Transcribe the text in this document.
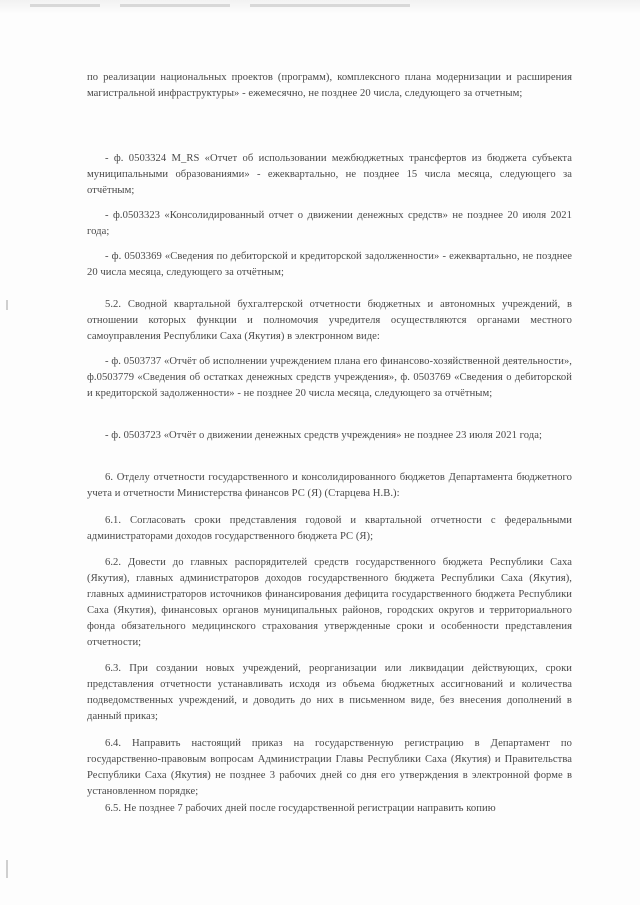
по реализации национальных проектов (программ), комплексного плана модернизации и расширения магистральной инфраструктуры» - ежемесячно, не позднее 20 числа, следующего за отчетным;

- ф. 0503324 M_RS «Отчет об использовании межбюджетных трансфертов из бюджета субъекта муниципальными образованиями» - ежеквартально, не позднее 15 числа месяца, следующего за отчётным;

- ф.0503323 «Консолидированный отчет о движении денежных средств» не позднее 20 июля 2021 года;

- ф. 0503369 «Сведения по дебиторской и кредиторской задолженности» - ежеквартально, не позднее 20 числа месяца, следующего за отчётным;

5.2. Сводной квартальной бухгалтерской отчетности бюджетных и автономных учреждений, в отношении которых функции и полномочия учредителя осуществляются органами местного самоуправления Республики Саха (Якутия) в электронном виде:

- ф. 0503737 «Отчёт об исполнении учреждением плана его финансово-хозяйственной деятельности», ф.0503779 «Сведения об остатках денежных средств учреждения», ф. 0503769 «Сведения о дебиторской и кредиторской задолженности» - не позднее 20 числа месяца, следующего за отчётным;

- ф. 0503723 «Отчёт о движении денежных средств учреждения» не позднее 23 июля 2021 года;

6. Отделу отчетности государственного и консолидированного бюджетов Департамента бюджетного учета и отчетности Министерства финансов РС (Я) (Старцева Н.В.):

6.1. Согласовать сроки представления годовой и квартальной отчетности с федеральными администраторами доходов государственного бюджета РС (Я);

6.2. Довести до главных распорядителей средств государственного бюджета Республики Саха (Якутия), главных администраторов доходов государственного бюджета Республики Саха (Якутия), главных администраторов источников финансирования дефицита государственного бюджета Республики Саха (Якутия), финансовых органов муниципальных районов, городских округов и территориального фонда обязательного медицинского страхования утвержденные сроки и особенности представления отчетности;

6.3. При создании новых учреждений, реорганизации или ликвидации действующих, сроки представления отчетности устанавливать исходя из объема бюджетных ассигнований и количества подведомственных учреждений, и доводить до них в письменном виде, без внесения дополнений в данный приказ;

6.4. Направить настоящий приказ на государственную регистрацию в Департамент по государственно-правовым вопросам Администрации Главы Республики Саха (Якутия) и Правительства Республики Саха (Якутия) не позднее 3 рабочих дней со дня его утверждения в электронной форме в установленном порядке;

6.5. Не позднее 7 рабочих дней после государственной регистрации направить копию
